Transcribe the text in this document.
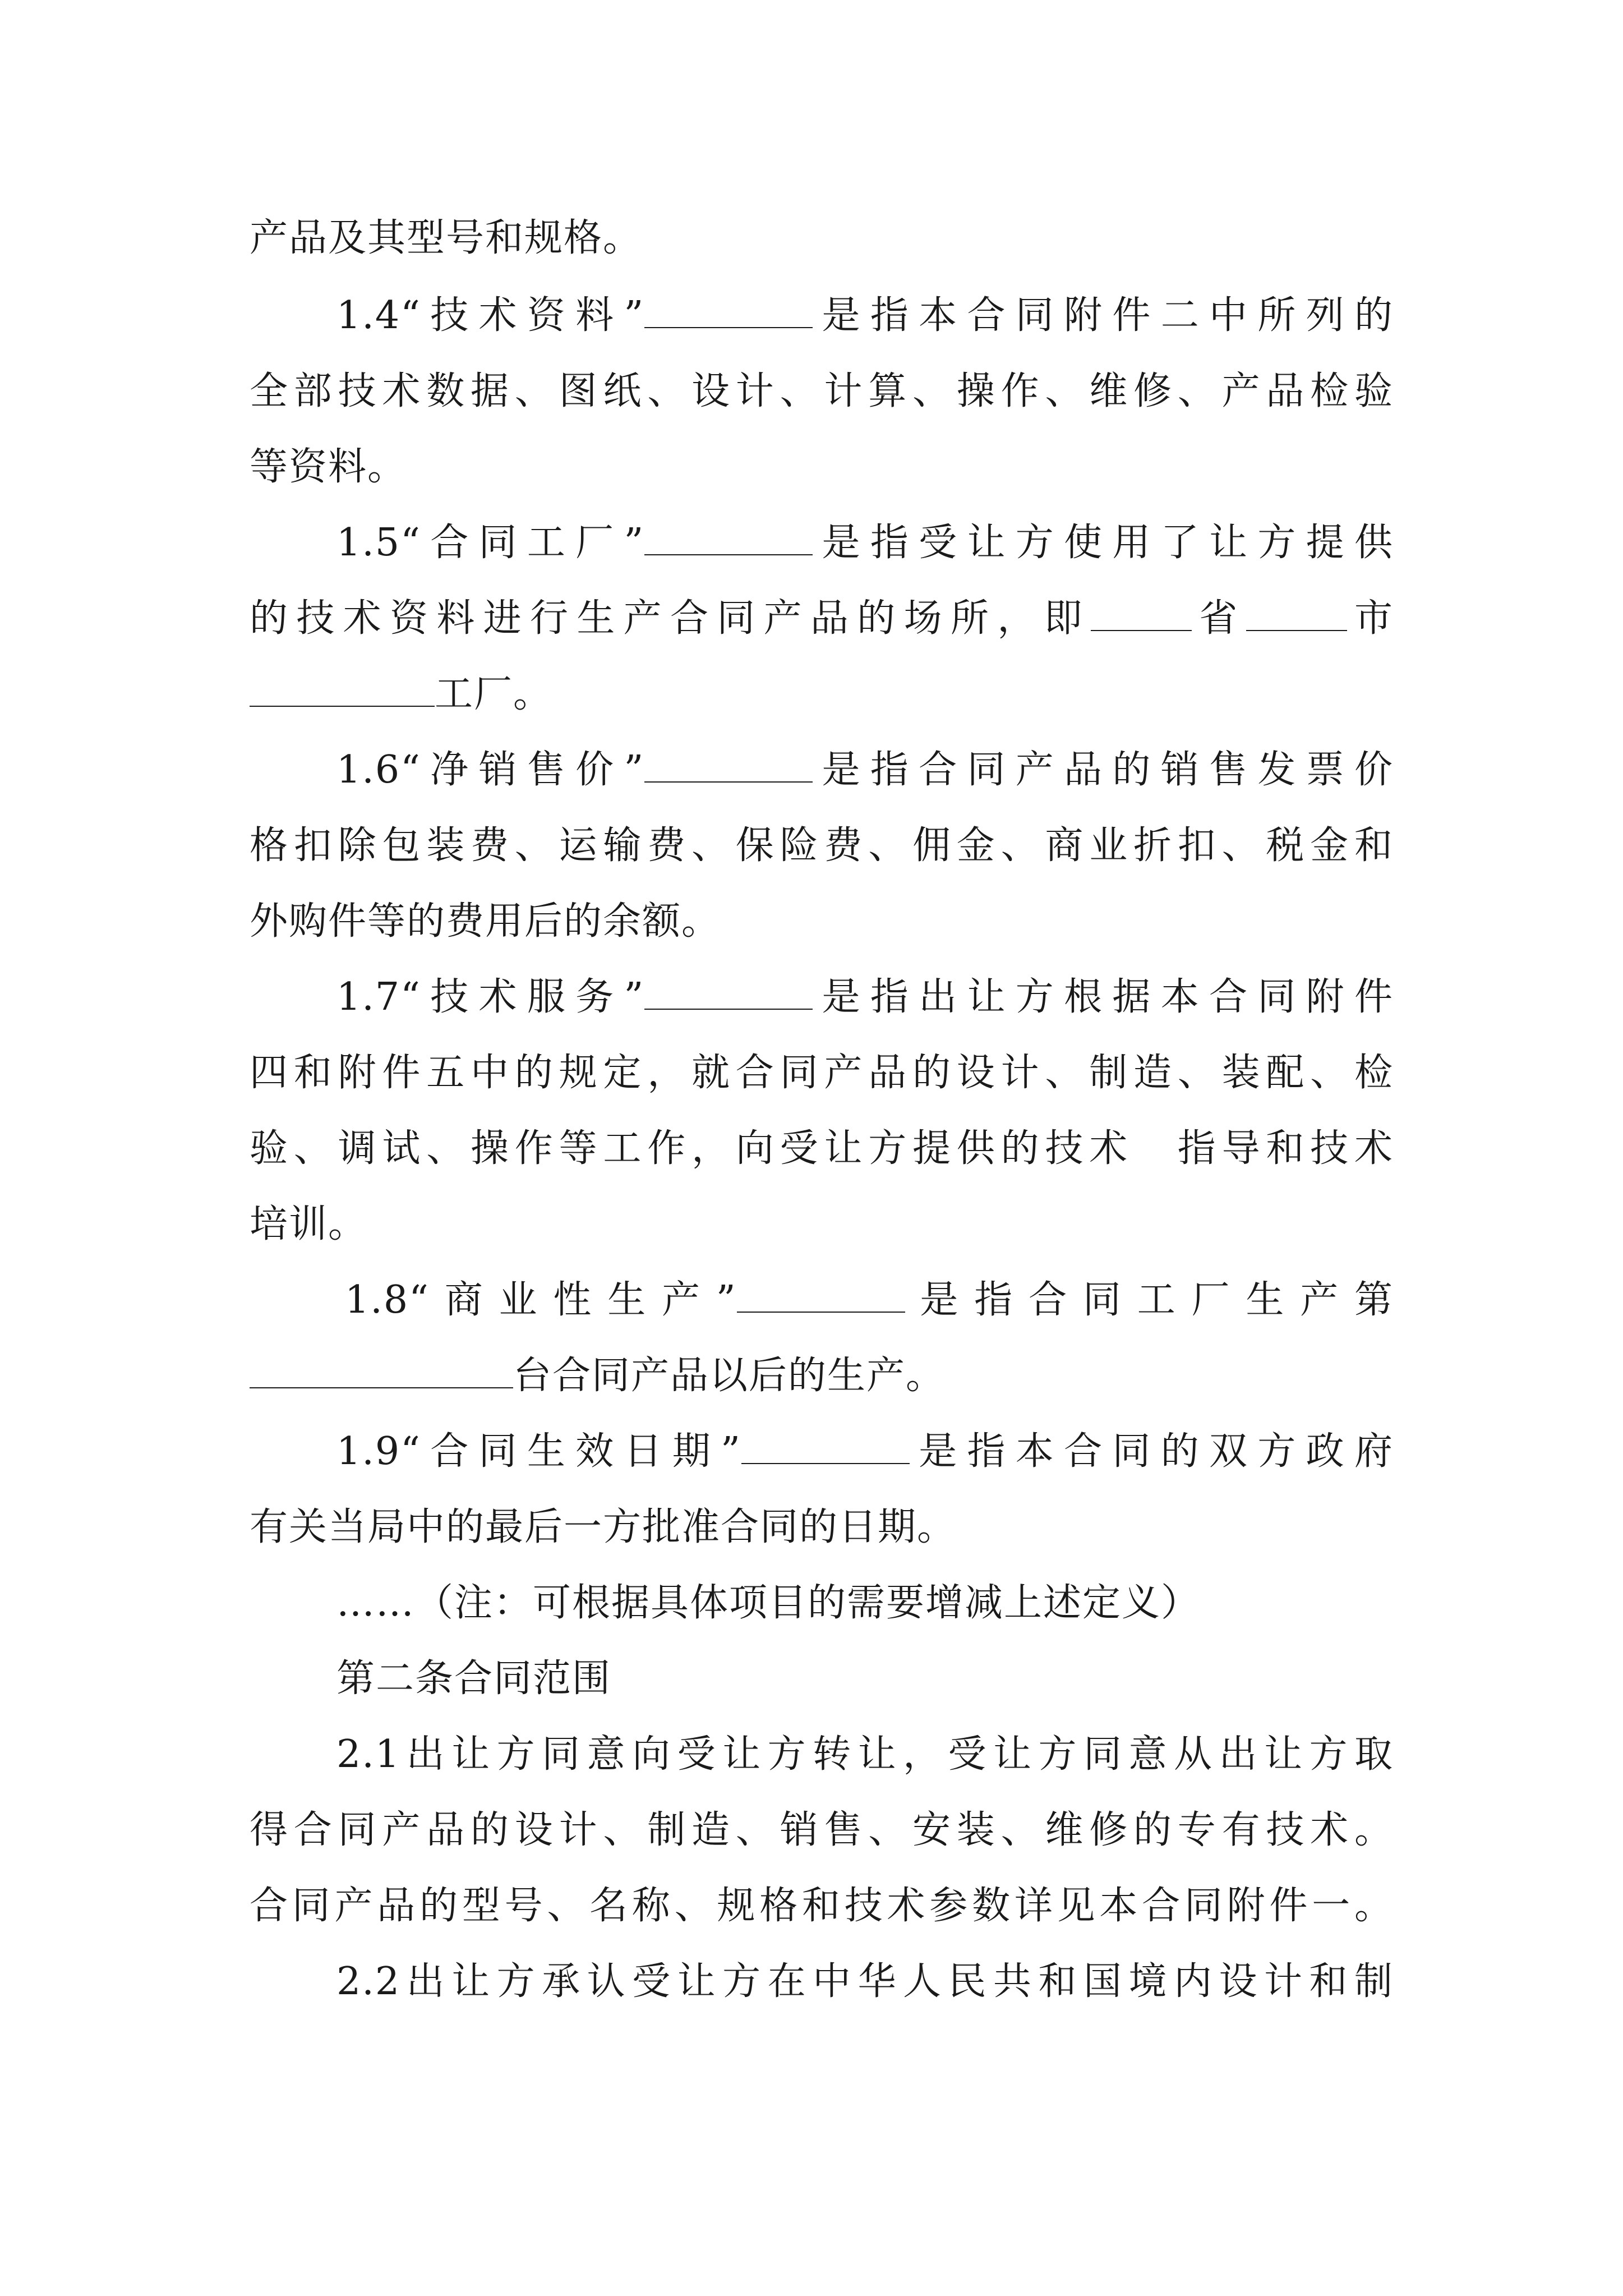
产品及其型号和规格。
1.4“技术资料”	是指本合同附件二中所列的
全部技术数据、图纸、设计、计算、操作、维修、产品检验
等资料。
1.5“合同工厂”	是指受让方使用了让方提供
的技术资料进行生产合同产品的场所，即	省	市
工厂。
1.6“净销售价”	是指合同产品的销售发票价
格扣除包装费、运输费、保险费、佣金、商业折扣、税金和
外购件等的费用后的余额。
1.7“技术服务”	是指出让方根据本合同附件
四和附件五中的规定，就合同产品的设计、制造、装配、检
验、调试、操作等工作，向受让方提供的技术　指导和技术
培训。
1.8“商业性生产”	是指合同工厂生产第
台合同产品以后的生产。
1.9“合同生效日期”	是指本合同的双方政府
有关当局中的最后一方批准合同的日期。
……（注：可根据具体项目的需要增减上述定义）
第二条合同范围
2.1出让方同意向受让方转让，受让方同意从出让方取
得合同产品的设计、制造、销售、安装、维修的专有技术。
合同产品的型号、名称、规格和技术参数详见本合同附件一。
2.2出让方承认受让方在中华人民共和国境内设计和制
